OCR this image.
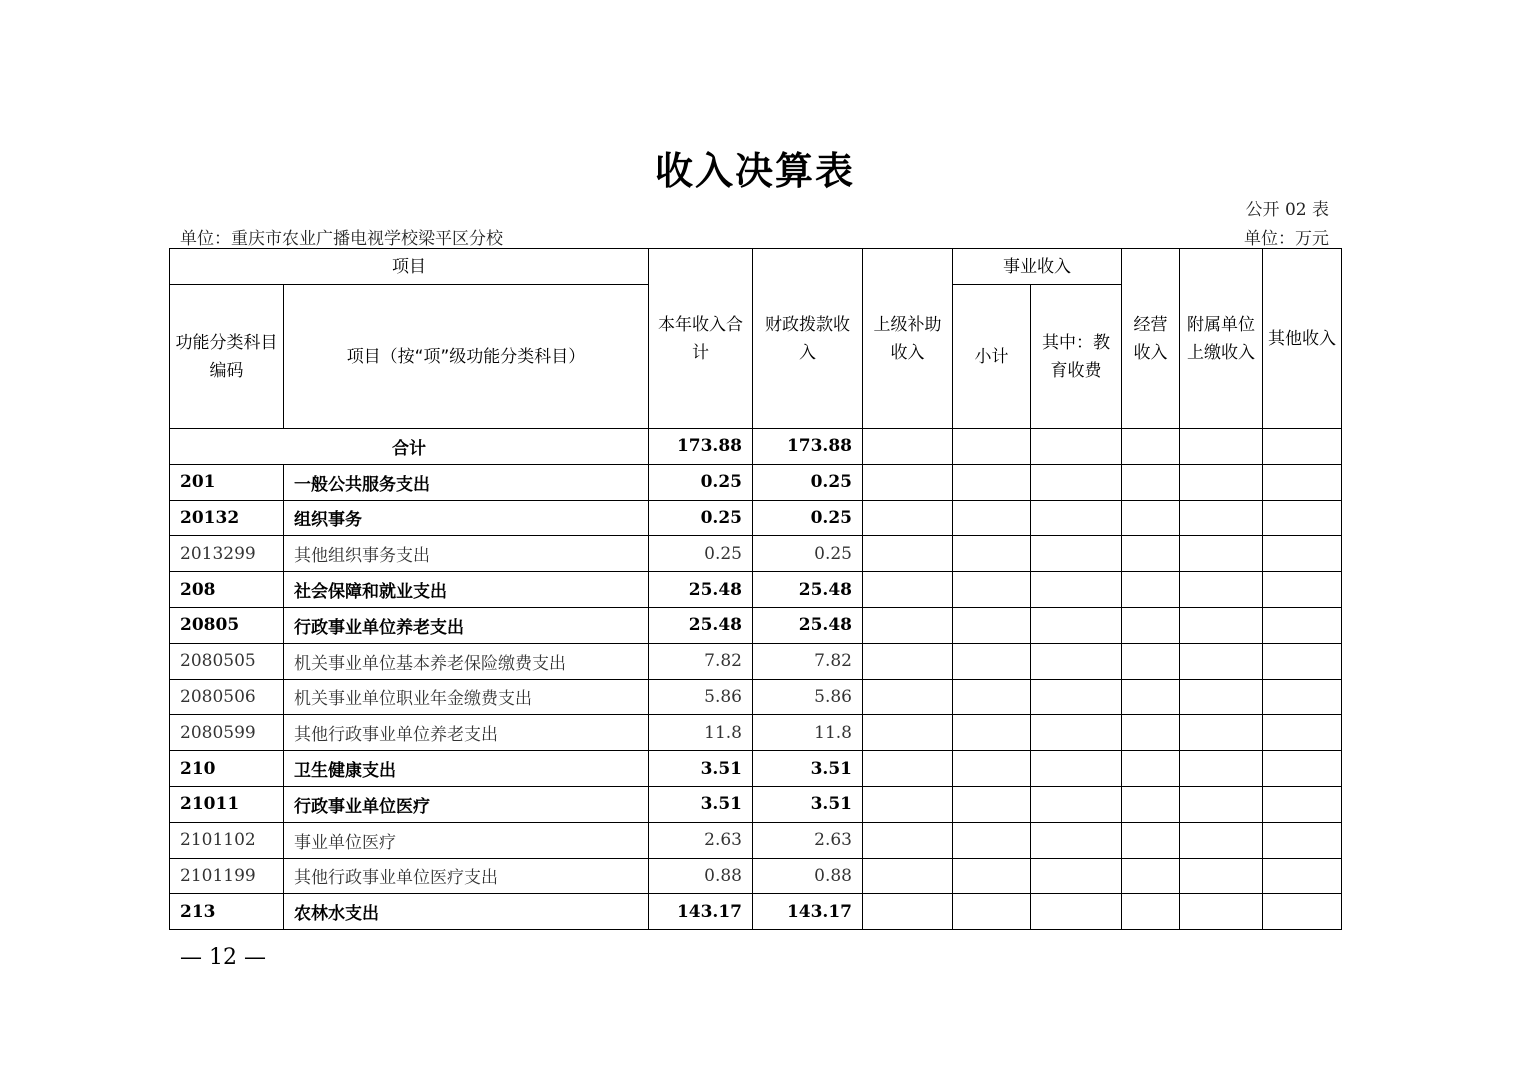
收入决算表
公开 02 表
单位：重庆市农业广播电视学校梁平区分校	单位：万元
项目		本年收入合计	财政拨款收入	上级补助收入	事业收入		经营收入	附属单位上缴收入	其他收入
功能分类科目编码	项目（按“项”级功能分类科目）				小计	其中：教育收费			
合计		173.88	173.88						
201	一般公共服务支出	0.25	0.25						
20132	组织事务	0.25	0.25						
2013299	其他组织事务支出	0.25	0.25						
208	社会保障和就业支出	25.48	25.48						
20805	行政事业单位养老支出	25.48	25.48						
2080505	机关事业单位基本养老保险缴费支出	7.82	7.82						
2080506	机关事业单位职业年金缴费支出	5.86	5.86						
2080599	其他行政事业单位养老支出	11.8	11.8						
210	卫生健康支出	3.51	3.51						
21011	行政事业单位医疗	3.51	3.51						
2101102	事业单位医疗	2.63	2.63						
2101199	其他行政事业单位医疗支出	0.88	0.88						
213	农林水支出	143.17	143.17						
— 12 —
